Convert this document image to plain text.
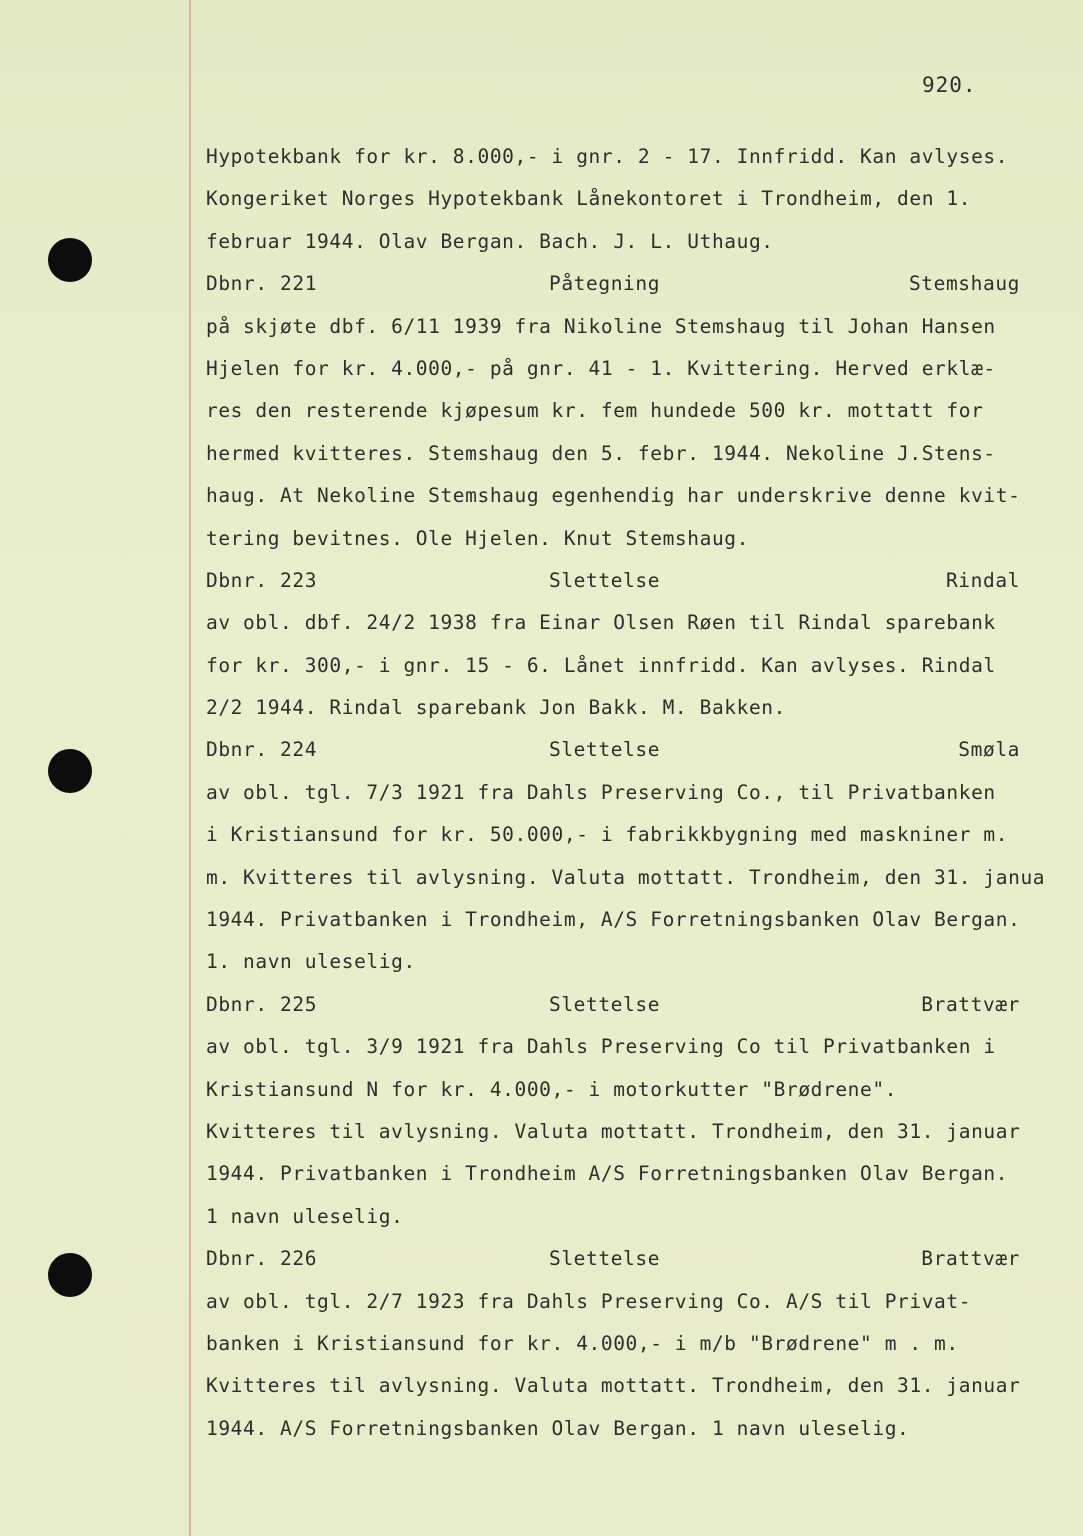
920.
Hypotekbank for kr. 8.000,- i gnr. 2 - 17. Innfridd. Kan avlyses.
Kongeriket Norges Hypotekbank Lånekontoret i Trondheim, den 1.
februar 1944. Olav Bergan. Bach. J. L. Uthaug.
Dbnr. 221	Påtegning	Stemshaug
på skjøte dbf. 6/11 1939 fra Nikoline Stemshaug til Johan Hansen
Hjelen for kr. 4.000,- på gnr. 41 - 1. Kvittering. Herved erklæ-
res den resterende kjøpesum kr. fem hundede 500 kr. mottatt for
hermed kvitteres. Stemshaug den 5. febr. 1944. Nekoline J.Stens-
haug. At Nekoline Stemshaug egenhendig har underskrive denne kvit-
tering bevitnes. Ole Hjelen. Knut Stemshaug.
Dbnr. 223	Slettelse	Rindal
av obl. dbf. 24/2 1938 fra Einar Olsen Røen til Rindal sparebank
for kr. 300,- i gnr. 15 - 6. Lånet innfridd. Kan avlyses. Rindal
2/2 1944. Rindal sparebank Jon Bakk. M. Bakken.
Dbnr. 224	Slettelse	Smøla
av obl. tgl. 7/3 1921 fra Dahls Preserving Co., til Privatbanken
i Kristiansund for kr. 50.000,- i fabrikkbygning med maskniner m.
m. Kvitteres til avlysning. Valuta mottatt. Trondheim, den 31. janua
1944. Privatbanken i Trondheim, A/S Forretningsbanken Olav Bergan.
1. navn uleselig.
Dbnr. 225	Slettelse	Brattvær
av obl. tgl. 3/9 1921 fra Dahls Preserving Co til Privatbanken i
Kristiansund N for kr. 4.000,- i motorkutter "Brødrene".
Kvitteres til avlysning. Valuta mottatt. Trondheim, den 31. januar
1944. Privatbanken i Trondheim A/S Forretningsbanken Olav Bergan.
1 navn uleselig.
Dbnr. 226	Slettelse	Brattvær
av obl. tgl. 2/7 1923 fra Dahls Preserving Co. A/S til Privat-
banken i Kristiansund for kr. 4.000,- i m/b "Brødrene" m . m.
Kvitteres til avlysning. Valuta mottatt. Trondheim, den 31. januar
1944. A/S Forretningsbanken Olav Bergan. 1 navn uleselig.
